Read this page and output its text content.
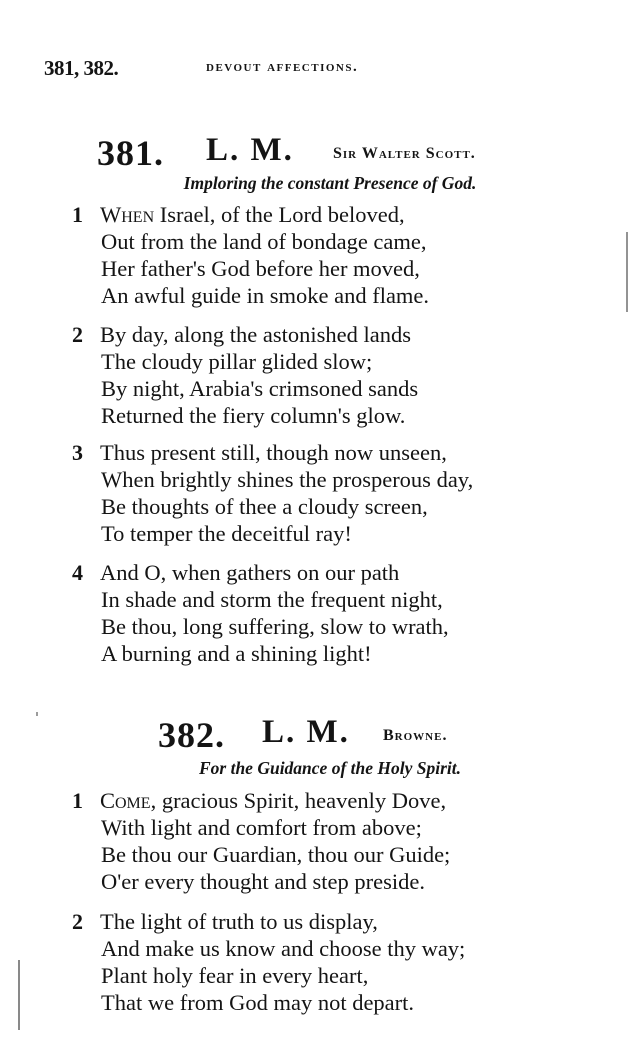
381, 382.	devout affections.
381. L. M. Sir Walter Scott.
Imploring the constant Presence of God.
1 When Israel, of the Lord beloved,
Out from the land of bondage came,
Her father's God before her moved,
An awful guide in smoke and flame.
2 By day, along the astonished lands
The cloudy pillar glided slow;
By night, Arabia's crimsoned sands
Returned the fiery column's glow.
3 Thus present still, though now unseen,
When brightly shines the prosperous day,
Be thoughts of thee a cloudy screen,
To temper the deceitful ray!
4 And O, when gathers on our path
In shade and storm the frequent night,
Be thou, long suffering, slow to wrath,
A burning and a shining light!
382. L. M. Browne.
For the Guidance of the Holy Spirit.
1 Come, gracious Spirit, heavenly Dove,
With light and comfort from above;
Be thou our Guardian, thou our Guide;
O'er every thought and step preside.
2 The light of truth to us display,
And make us know and choose thy way;
Plant holy fear in every heart,
That we from God may not depart.
